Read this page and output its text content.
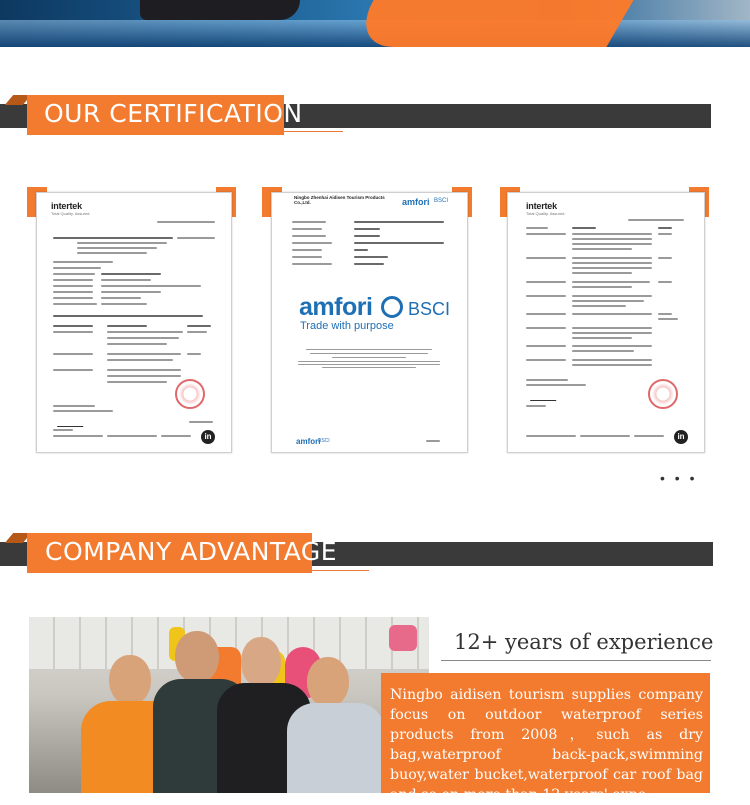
OUR CERTIFICATION
intertek
Total Quality. Assured.
in
Ningbo Zhenhai Aidisen Tourism Products Co.,Ltd.	amfori BSCI
amfori BSCI
Trade with purpose
amfori
BSCI
intertek
Total Quality. Assured.
in
• • •
COMPANY ADVANTAGE
12+ years of experience
Ningbo aidisen tourism supplies company focus on outdoor waterproof series products from 2008，such as dry bag,waterproof back-pack,swimming buoy,water bucket,waterproof car roof bag and so on,more than 12 years' expe-
